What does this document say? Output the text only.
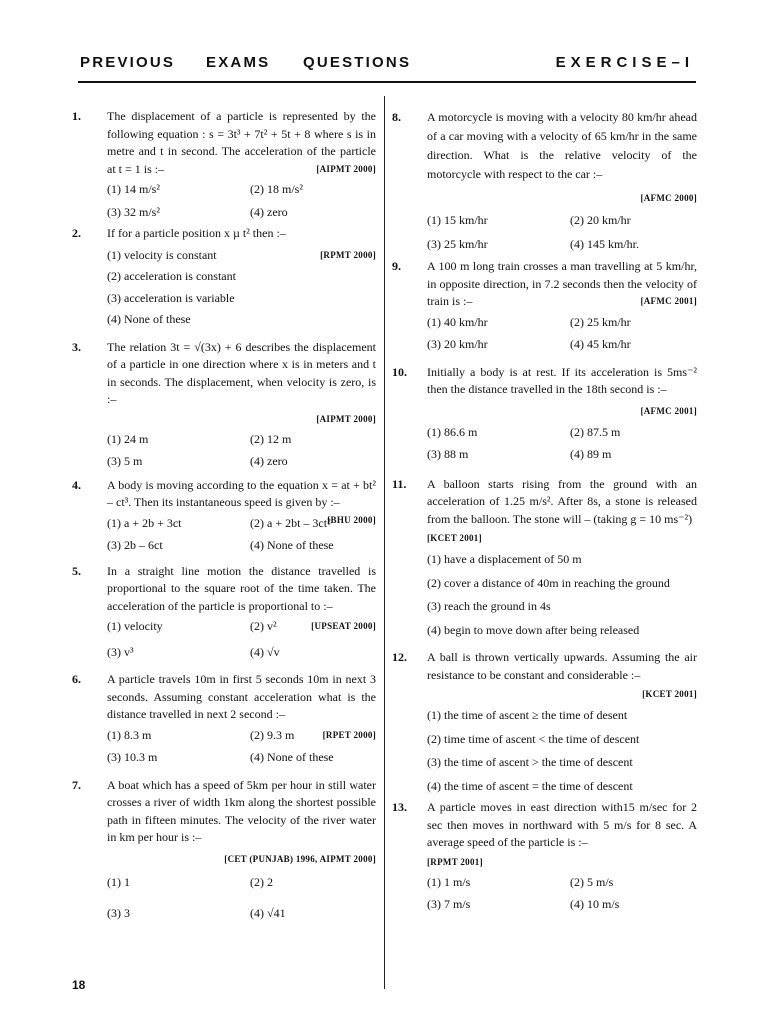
PREVIOUS EXAMS QUESTIONS	EXERCISE–I
1. The displacement of a particle is represented by the following equation : s = 3t³ + 7t² + 5t + 8 where s is in metre and t in second. The acceleration of the particle at t = 1 is :–	[AIPMT 2000]

(1) 14 m/s²	(2) 18 m/s²
(3) 32 m/s²	(4) zero
2. If for a particle position x µ t² then :–

(1) velocity is constant	[RPMT 2000]
(2) acceleration is constant
(3) acceleration is variable
(4) None of these
3. The relation 3t = √(3x) + 6 describes the displacement of a particle in one direction where x is in meters and t in seconds. The displacement, when velocity is zero, is :–

[AIPMT 2000]
(1) 24 m	(2) 12 m
(3) 5 m	(4) zero
4. A body is moving according to the equation x = at + bt² – ct³. Then its instantaneous speed is given by :–
[BHU 2000]

(1) a + 2b + 3ct	(2) a + 2bt – 3ct²
(3) 2b – 6ct	(4) None of these
5. In a straight line motion the distance travelled is proportional to the square root of the time taken. The acceleration of the particle is proportional to :–

(1) velocity	(2) v²	[UPSEAT 2000]
(3) v³	(4) √v
6. A particle travels 10m in first 5 seconds 10m in next 3 seconds. Assuming constant acceleration what is the distance travelled in next 2 second :–

(1) 8.3 m	(2) 9.3 m	[RPET 2000]
(3) 10.3 m	(4) None of these
7. A boat which has a speed of 5km per hour in still water crosses a river of width 1km along the shortest possible path in fifteen minutes. The velocity of the river water in km per hour is :–

[CET (PUNJAB) 1996, AIPMT 2000]
(1) 1	(2) 2
(3) 3	(4) √41
8. A motorcycle is moving with a velocity 80 km/hr ahead of a car moving with a velocity of 65 km/hr in the same direction. What is the relative velocity of the motorcycle with respect to the car :–

[AFMC 2000]
(1) 15 km/hr	(2) 20 km/hr
(3) 25 km/hr	(4) 145 km/hr.
9. A 100 m long train crosses a man travelling at 5 km/hr, in opposite direction, in 7.2 seconds then the velocity of train is :–	[AFMC 2001]

(1) 40 km/hr	(2) 25 km/hr
(3) 20 km/hr	(4) 45 km/hr
10. Initially a body is at rest. If its acceleration is 5ms⁻² then the distance travelled in the 18th second is :–

[AFMC 2001]
(1) 86.6 m	(2) 87.5 m
(3) 88 m	(4) 89 m
11. A balloon starts rising from the ground with an acceleration of 1.25 m/s². After 8s, a stone is released from the balloon. The stone will – (taking g = 10 ms⁻²)

[KCET 2001]
(1) have a displacement of 50 m
(2) cover a distance of 40m in reaching the ground
(3) reach the ground in 4s
(4) begin to move down after being released
12. A ball is thrown vertically upwards. Assuming the air resistance to be constant and considerable :–

[KCET 2001]
(1) the time of ascent ≥ the time of desent
(2) time time of ascent < the time of descent
(3) the time of ascent > the time of descent
(4) the time of ascent = the time of descent
13. A particle moves in east direction with15 m/sec for 2 sec then moves in northward with 5 m/s for 8 sec. A average speed of the particle is :–

[RPMT 2001]
(1) 1 m/s	(2) 5 m/s
(3) 7 m/s	(4) 10 m/s
18
